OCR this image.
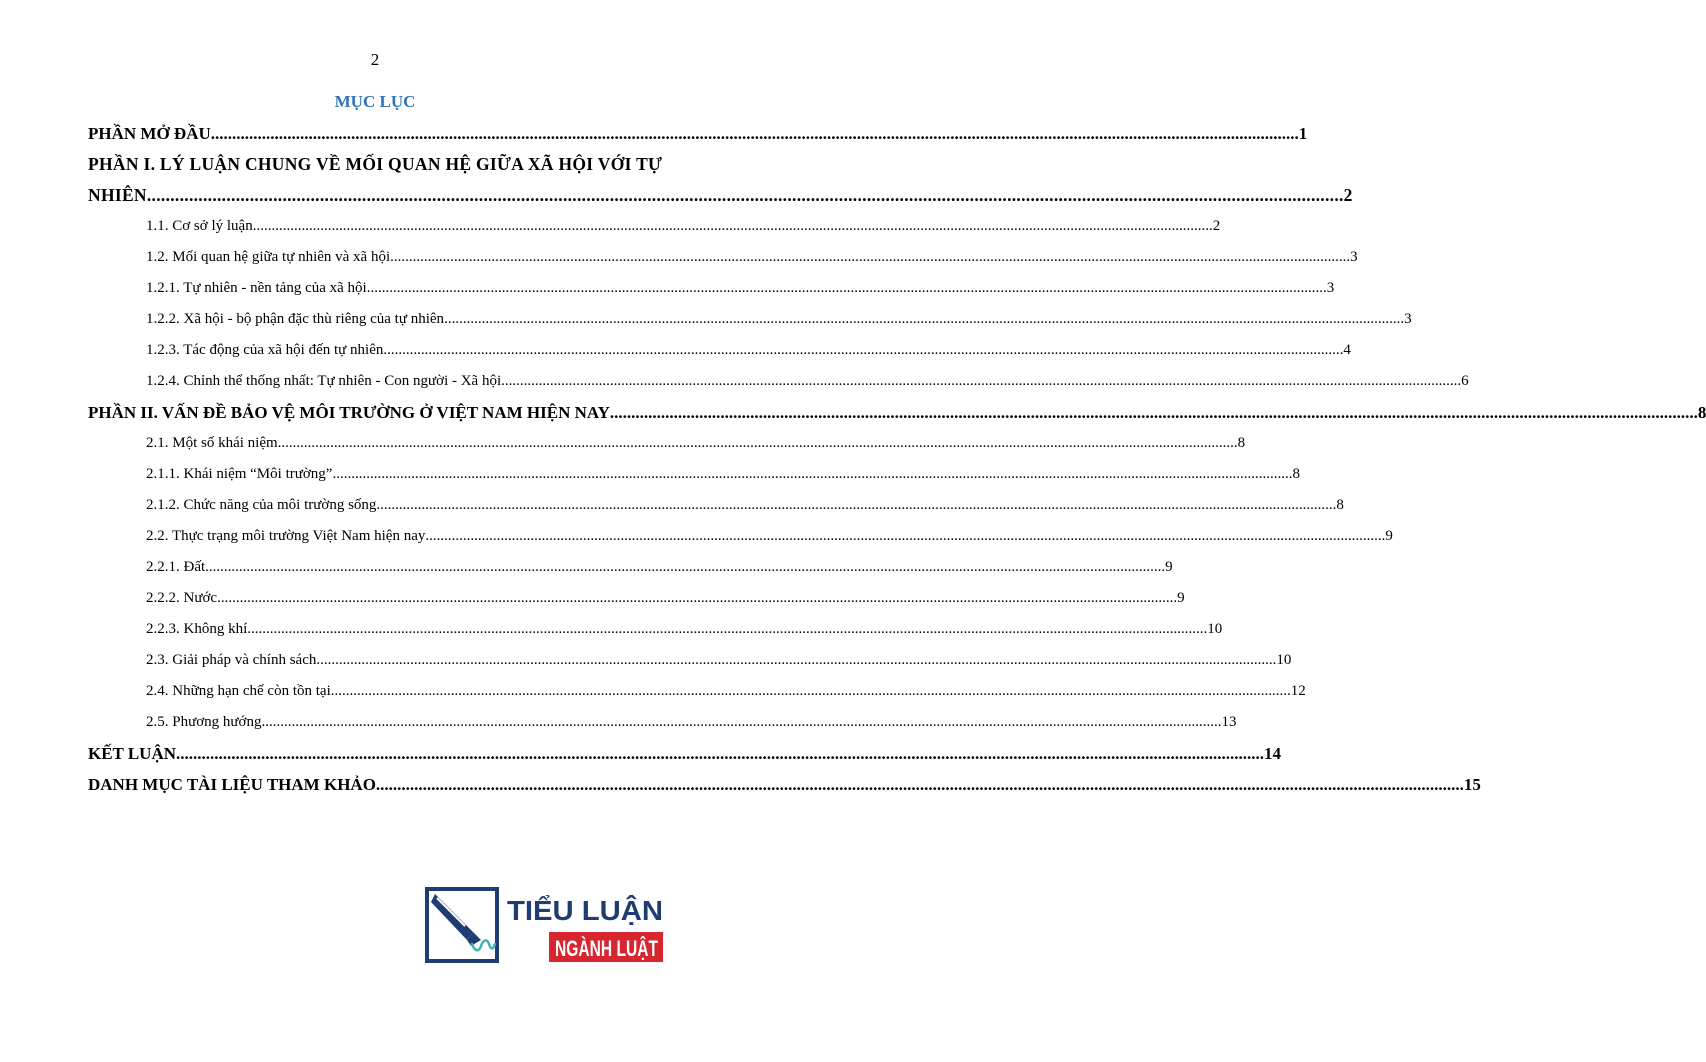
2
MỤC LỤC
PHẦN MỞ ĐẦU .....	1
PHẦN I. LÝ LUẬN CHUNG VỀ MỐI QUAN HỆ GIỮA XÃ HỘI VỚI TỰ
NHIÊN .....	2
1.1. Cơ sở lý luận .....	2
1.2. Mối quan hệ giữa tự nhiên và xã hội .....	3
1.2.1. Tự nhiên - nền tảng của xã hội .....	3
1.2.2. Xã hội - bộ phận đặc thù riêng của tự nhiên .....	3
1.2.3. Tác động của xã hội đến tự nhiên .....	4
1.2.4. Chỉnh thể thống nhất: Tự nhiên - Con người - Xã hội .....	6
PHẦN II. VẤN ĐỀ BẢO VỆ MÔI TRƯỜNG Ở VIỆT NAM HIỆN NAY .....	8
2.1. Một số khái niệm .....	8
2.1.1. Khái niệm “Môi trường” .....	8
2.1.2. Chức năng của môi trường sống .....	8
2.2. Thực trạng môi trường Việt Nam hiện nay .....	9
2.2.1. Đất .....	9
2.2.2. Nước .....	9
2.2.3. Không khí .....	10
2.3. Giải pháp và chính sách .....	10
2.4. Những hạn chế còn tồn tại .....	12
2.5. Phương hướng .....	13
KẾT LUẬN .....	14
DANH MỤC TÀI LIỆU THAM KHẢO .....	15
TIỂU LUẬN
NGÀNH LUẬT
